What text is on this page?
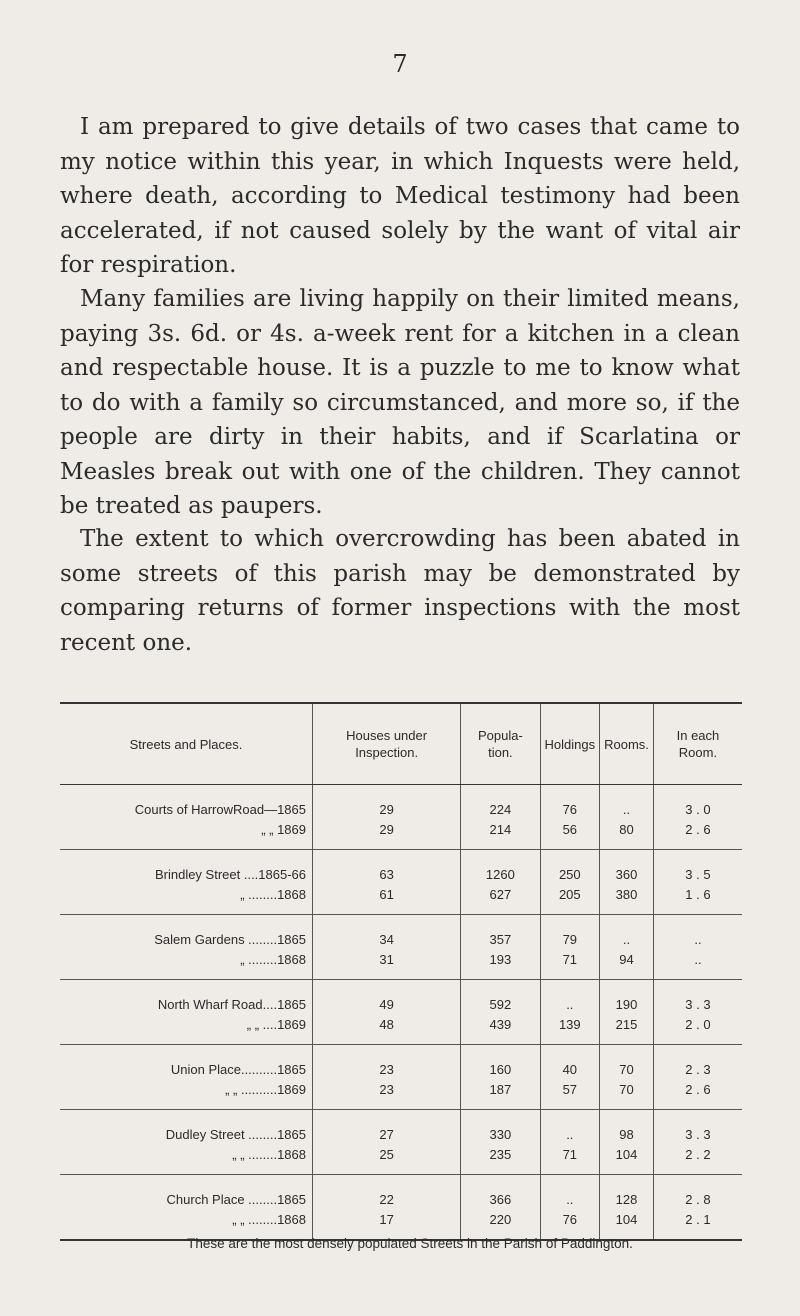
7

I am prepared to give details of two cases that came to my notice within this year, in which Inquests were held, where death, according to Medical testimony had been accelerated, if not caused solely by the want of vital air for respiration.

Many families are living happily on their limited means, paying 3s. 6d. or 4s. a-week rent for a kitchen in a clean and respectable house. It is a puzzle to me to know what to do with a family so circumstanced, and more so, if the people are dirty in their habits, and if Scarlatina or Measles break out with one of the children. They cannot be treated as paupers.

The extent to which overcrowding has been abated in some streets of this parish may be demonstrated by comparing returns of former inspections with the most recent one.

Streets and Places.	Houses under Inspection.	Popula- tion.	Holdings	Rooms.	In each Room.
Courts of HarrowRoad—1865	29	224	76	..	3 . 0
„ „ 1869	29	214	56	80	2 . 6
Brindley Street ....1865-66	63	1260	250	360	3 . 5
„ ........1868	61	627	205	380	1 . 6
Salem Gardens ........1865	34	357	79	..	..
„ ........1868	31	193	71	94	..
North Wharf Road....1865	49	592	..	190	3 . 3
„ „ ....1869	48	439	139	215	2 . 0
Union Place..........1865	23	160	40	70	2 . 3
„ „ ..........1869	23	187	57	70	2 . 6
Dudley Street ........1865	27	330	..	98	3 . 3
„ „ ........1868	25	235	71	104	2 . 2
Church Place ........1865	22	366	..	128	2 . 8
„ „ ........1868	17	220	76	104	2 . 1

These are the most densely populated Streets in the Parish of Paddington.
